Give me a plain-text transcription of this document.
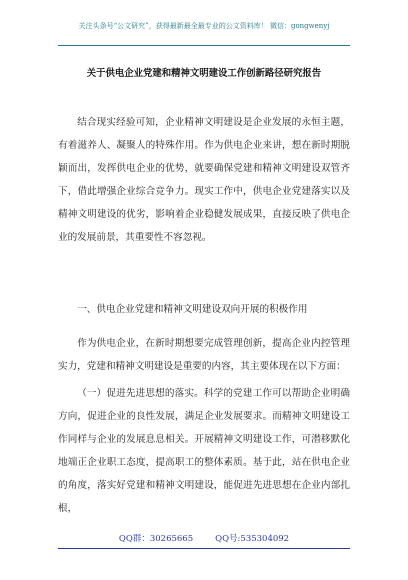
关注头条号“公文研究”，获得最新最全最专业的公文资料库！ 微信：gongwenyj
关于供电企业党建和精神文明建设工作创新路径研究报告

结合现实经验可知，企业精神文明建设是企业发展的永恒主题，有着滋养人、凝聚人的特殊作用。作为供电企业来讲，想在新时期脱颖而出，发挥供电企业的优势，就要确保党建和精神文明建设双管齐下，借此增强企业综合竞争力。现实工作中，供电企业党建落实以及精神文明建设的优劣，影响着企业稳健发展成果，直接反映了供电企业的发展前景，其重要性不容忽视。

一、供电企业党建和精神文明建设双向开展的积极作用

作为供电企业，在新时期想要完成管理创新，提高企业内控管理实力，党建和精神文明建设是重要的内容，其主要体现在以下方面：

（一）促进先进思想的落实。科学的党建工作可以帮助企业明确方向，促进企业的良性发展，满足企业发展要求。而精神文明建设工作同样与企业的发展息息相关。开展精神文明建设工作，可潜移默化地端正企业职工态度，提高职工的整体素质。基于此，站在供电企业的角度，落实好党建和精神文明建设，能促进先进思想在企业内部扎根，

QQ群：30265665	QQ号:535304092
